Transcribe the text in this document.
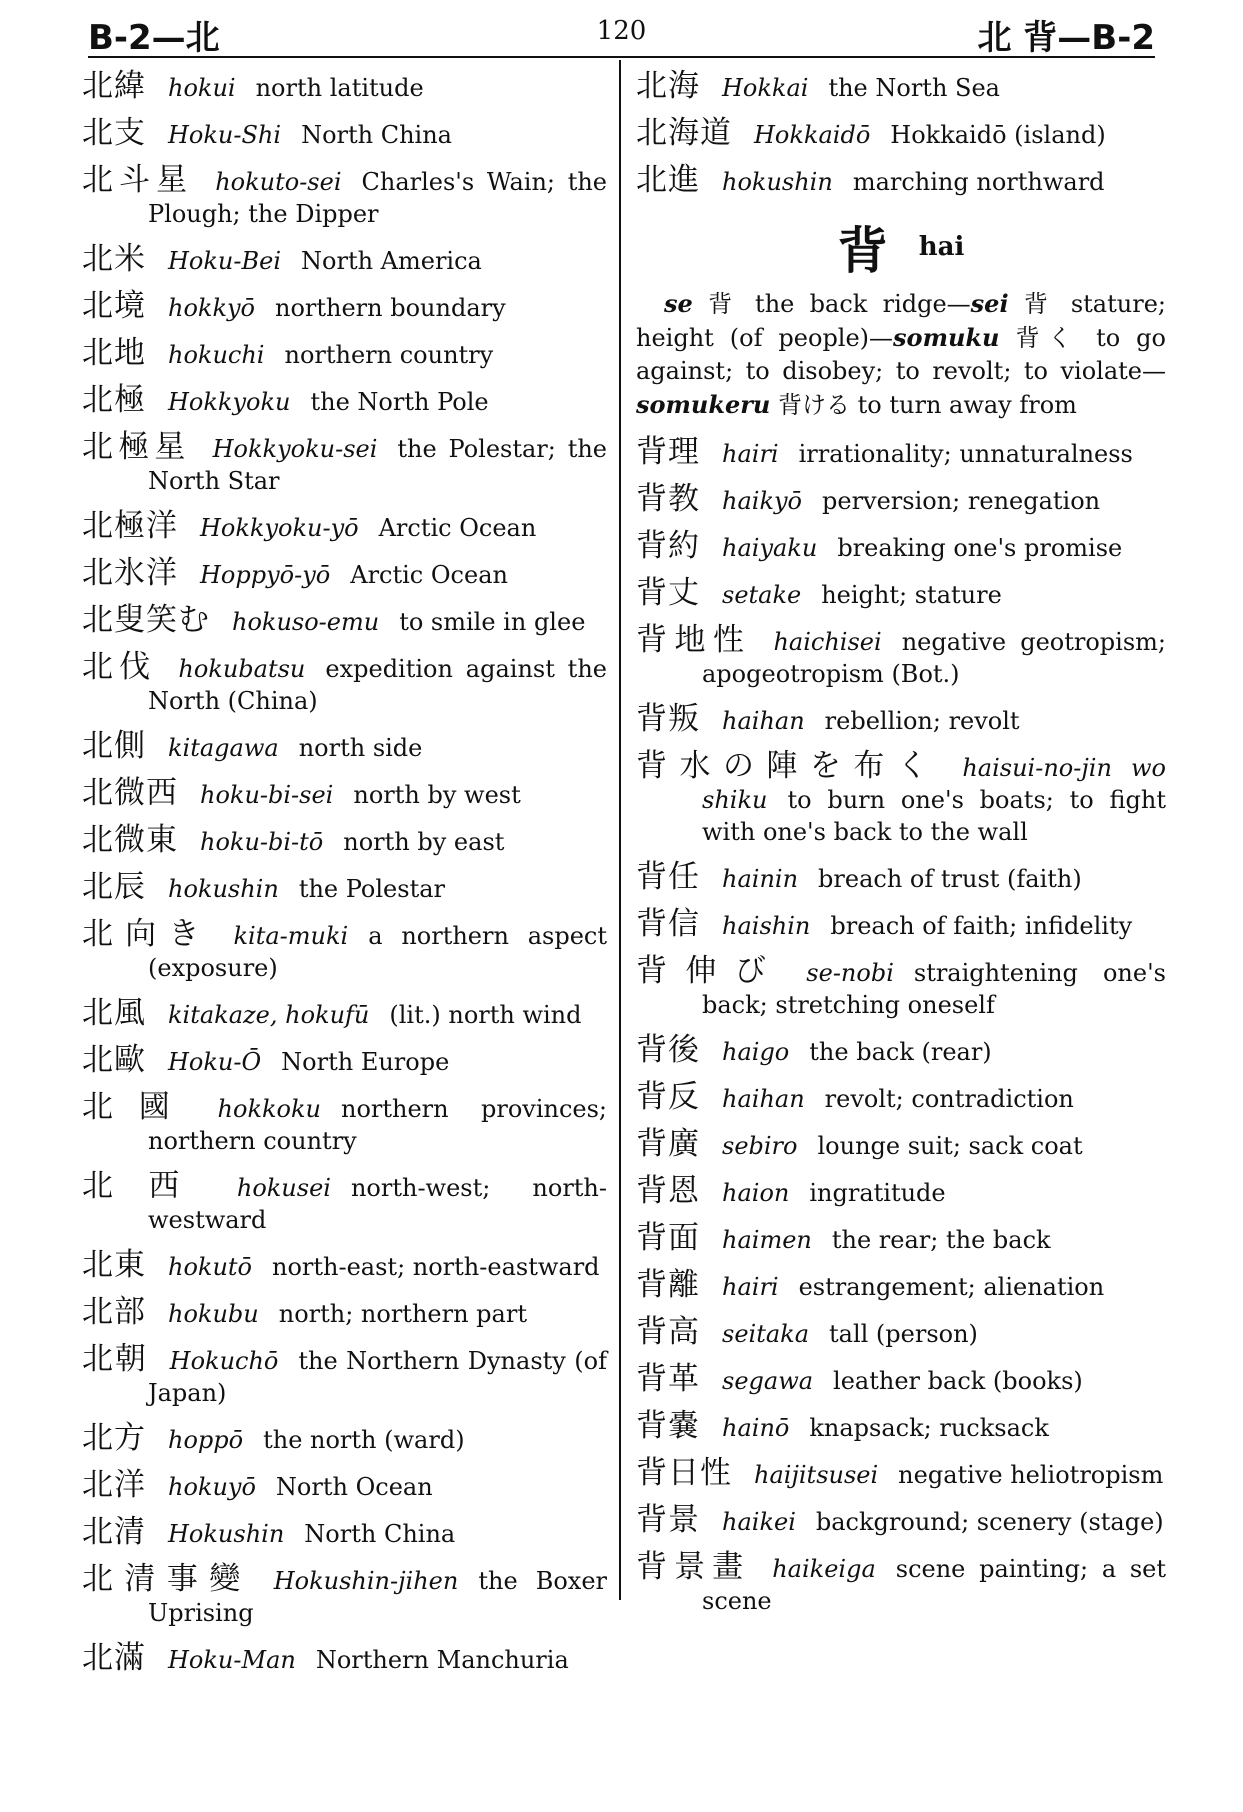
B-2—北	120	北 背—B-2
北緯 hokui north latitude
北支 Hoku-Shi North China
北斗星 hokuto-sei Charles's Wain; the Plough; the Dipper
北米 Hoku-Bei North America
北境 hokkyō northern boundary
北地 hokuchi northern country
北極 Hokkyoku the North Pole
北極星 Hokkyoku-sei the Polestar; the North Star
北極洋 Hokkyoku-yō Arctic Ocean
北氷洋 Hoppyō-yō Arctic Ocean
北叟笑む hokuso-emu to smile in glee
北伐 hokubatsu expedition against the North (China)
北側 kitagawa north side
北微西 hoku-bi-sei north by west
北微東 hoku-bi-tō north by east
北辰 hokushin the Polestar
北向き kita-muki a northern aspect (exposure)
北風 kitakaze, hokufū (lit.) north wind
北歐 Hoku-Ō North Europe
北國 hokkoku northern provinces; northern country
北西 hokusei north-west; north-westward
北東 hokutō north-east; north-eastward
北部 hokubu north; northern part
北朝 Hokuchō the Northern Dynasty (of Japan)
北方 hoppō the north (ward)
北洋 hokuyō North Ocean
北清 Hokushin North China
北清事變 Hokushin-jihen the Boxer Uprising
北滿 Hoku-Man Northern Manchuria
北海 Hokkai the North Sea
北海道 Hokkaidō Hokkaidō (island)
北進 hokushin marching northward
背 hai
se 背 the back ridge—sei 背 stature; height (of people)—somuku 背く to go against; to disobey; to revolt; to violate—somukeru 背ける to turn away from
背理 hairi irrationality; unnaturalness
背教 haikyō perversion; renegation
背約 haiyaku breaking one's promise
背丈 setake height; stature
背地性 haichisei negative geotropism; apogeotropism (Bot.)
背叛 haihan rebellion; revolt
背水の陣を布く haisui-no-jin wo shiku to burn one's boats; to fight with one's back to the wall
背任 hainin breach of trust (faith)
背信 haishin breach of faith; infidelity
背伸び se-nobi straightening one's back; stretching oneself
背後 haigo the back (rear)
背反 haihan revolt; contradiction
背廣 sebiro lounge suit; sack coat
背恩 haion ingratitude
背面 haimen the rear; the back
背離 hairi estrangement; alienation
背高 seitaka tall (person)
背革 segawa leather back (books)
背嚢 hainō knapsack; rucksack
背日性 haijitsusei negative heliotropism
背景 haikei background; scenery (stage)
背景畫 haikeiga scene painting; a set scene
